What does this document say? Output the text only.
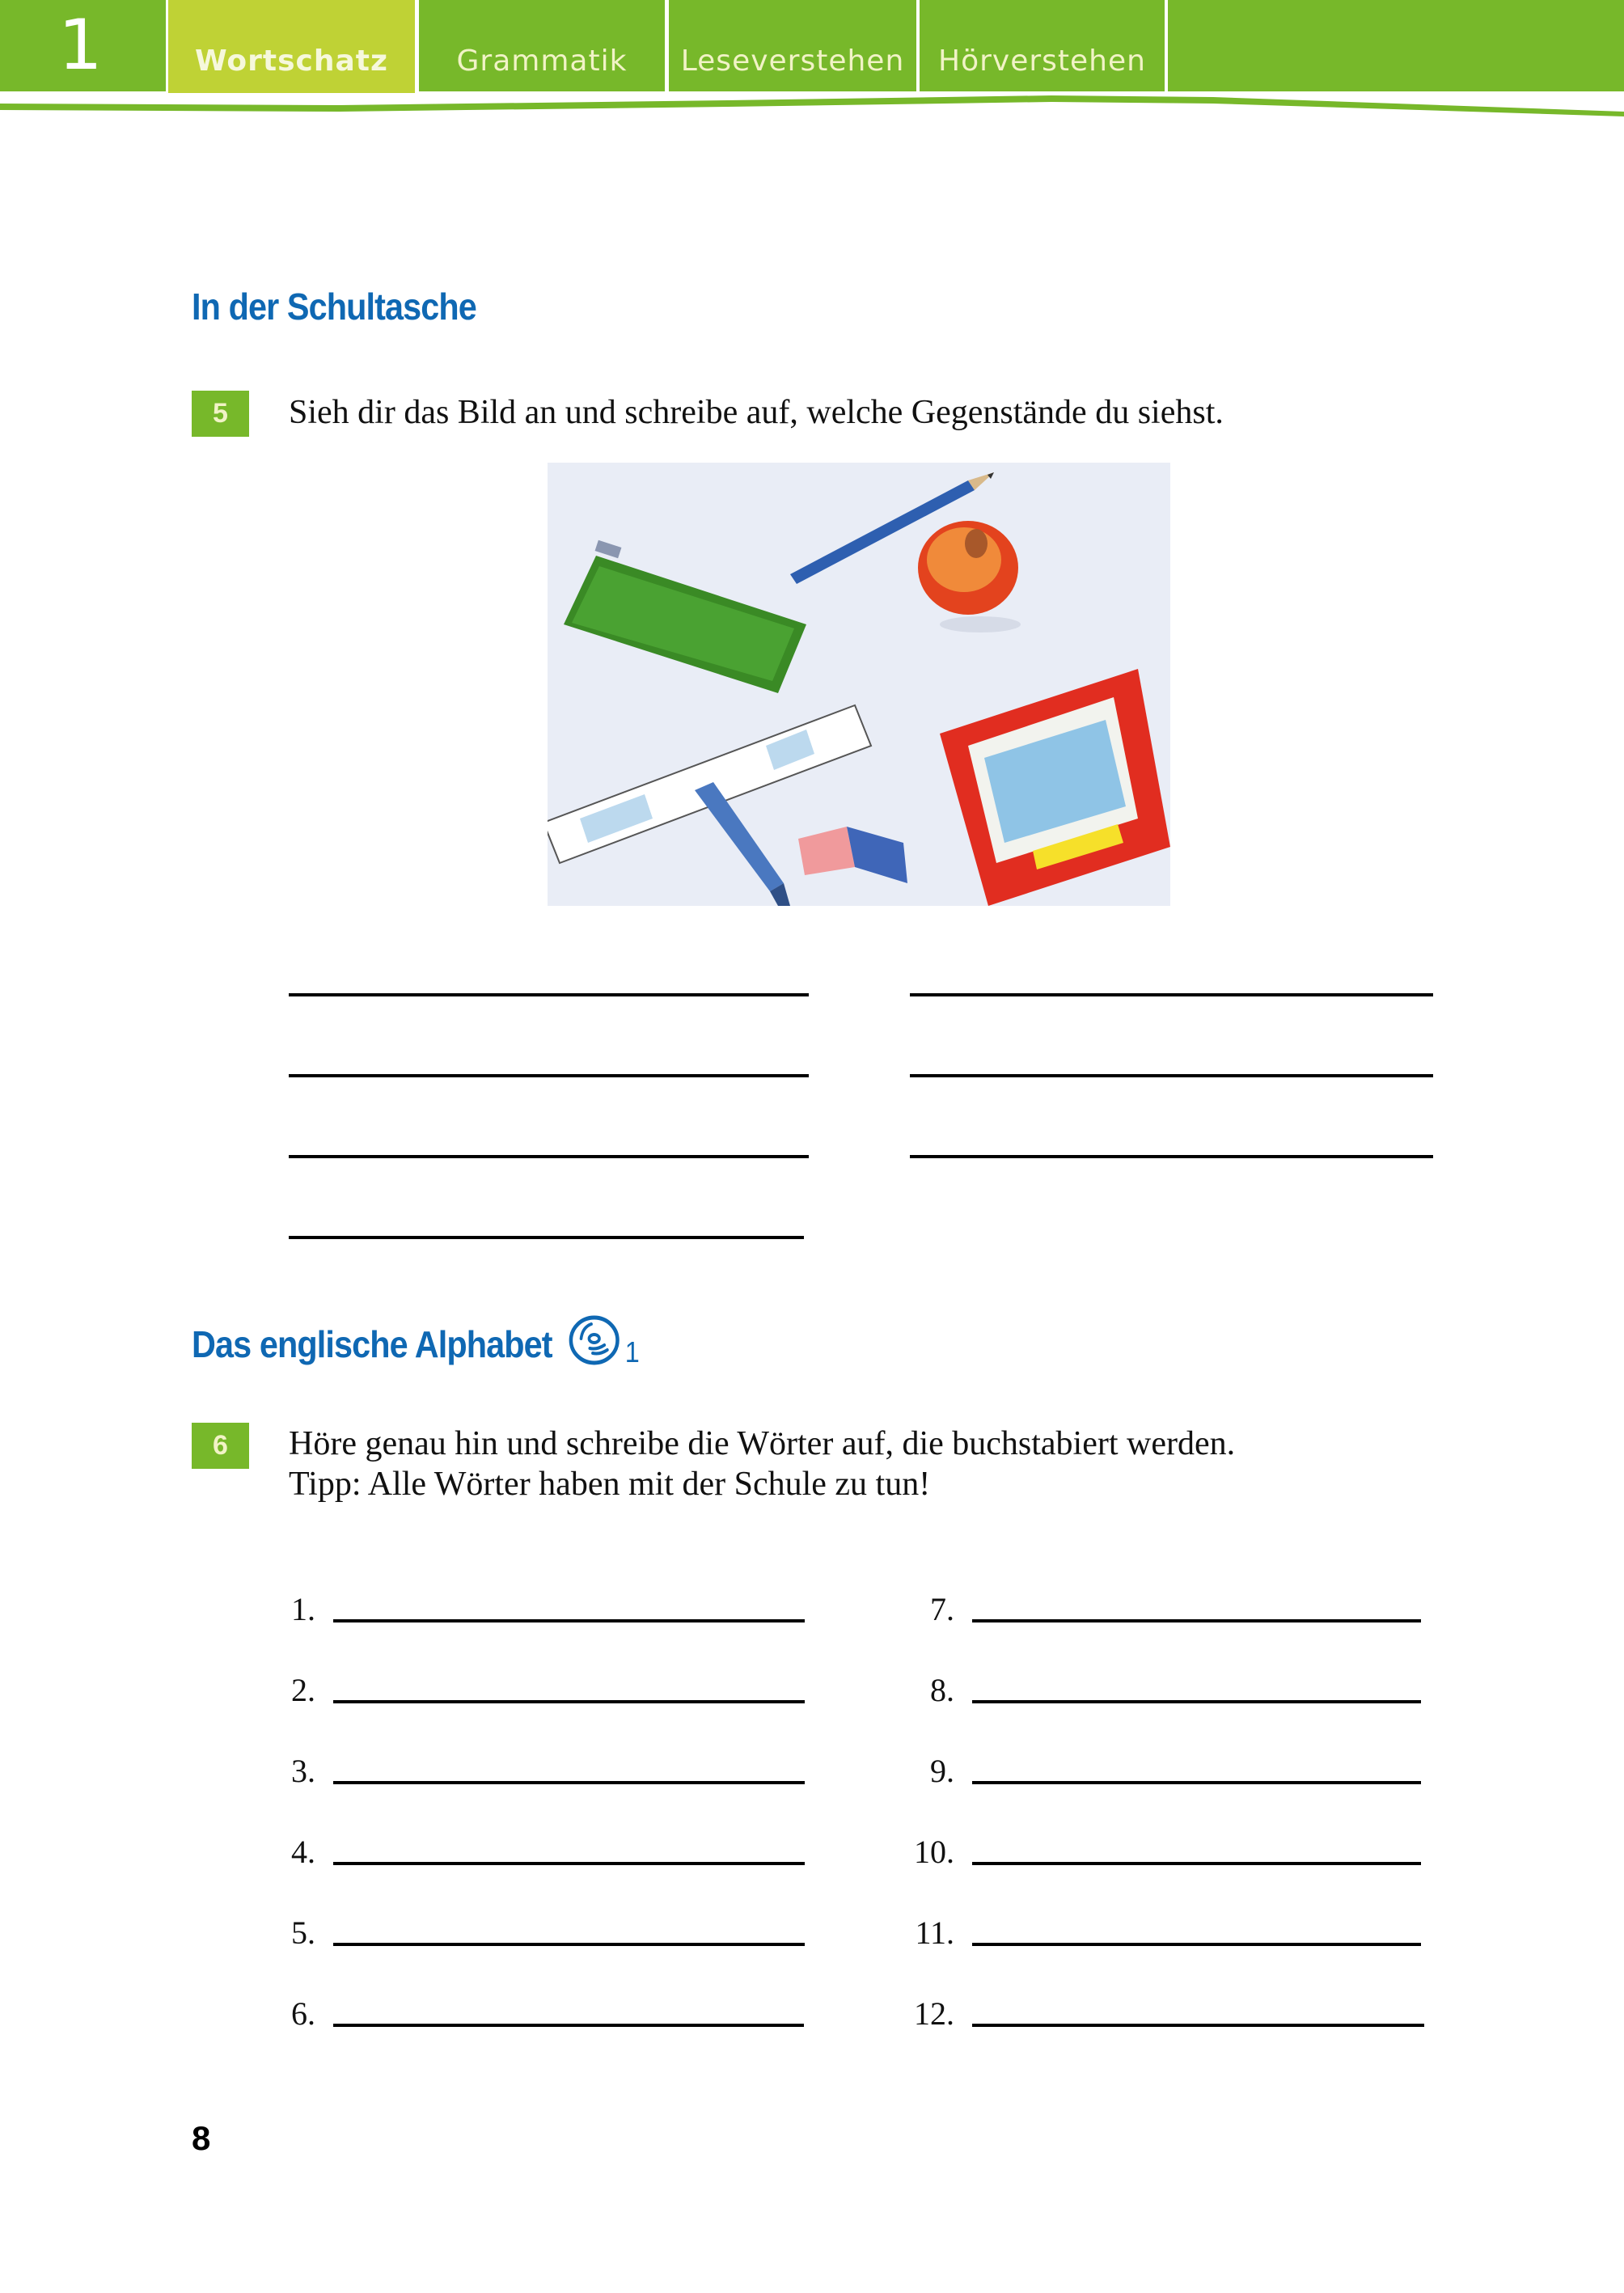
1	Wortschatz	Grammatik	Leseverstehen	Hörverstehen
In der Schultasche
5	Sieh dir das Bild an und schreibe auf, welche Gegenstände du siehst.
Das englische Alphabet 1
6	Höre genau hin und schreibe die Wörter auf, die buchstabiert werden.
Tipp: Alle Wörter haben mit der Schule zu tun!
1.
2.
3.
4.
5.
6.
7.
8.
9.
10.
11.
12.
8
